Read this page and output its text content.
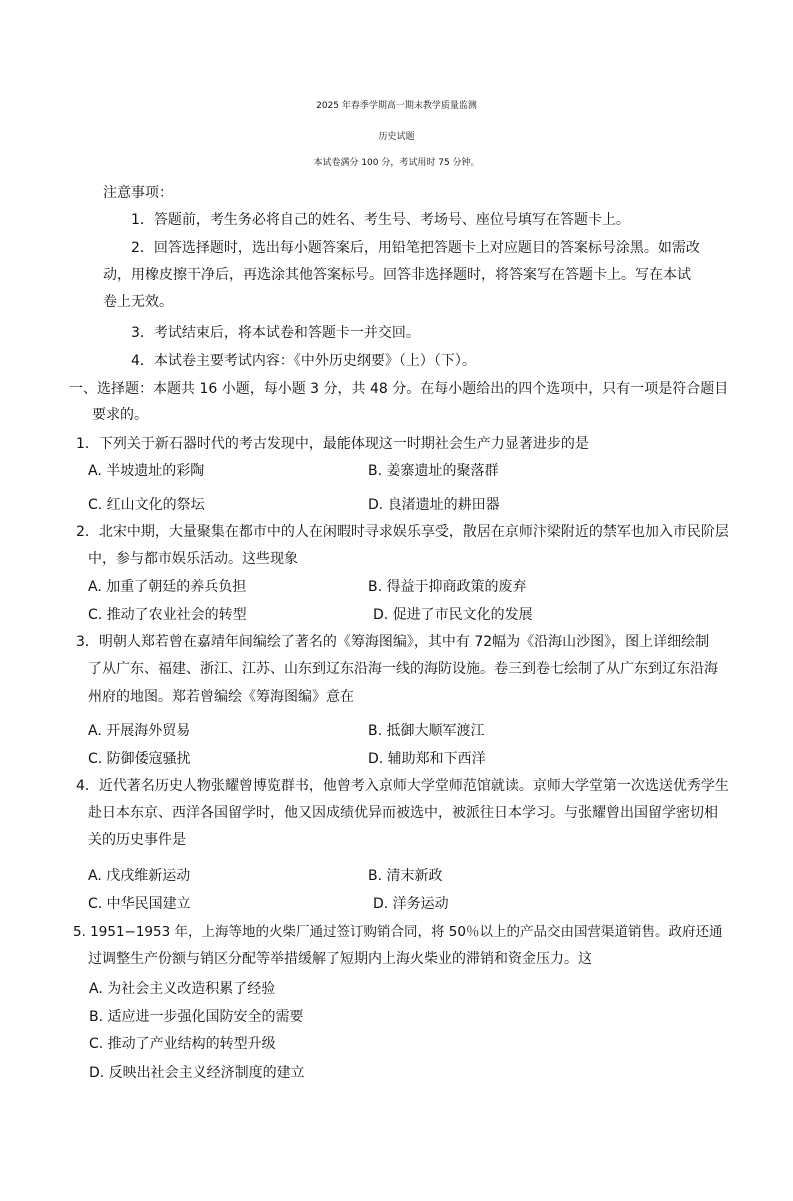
2025 年春季学期高一期末教学质量监测
历史试题
本试卷满分 100 分，考试用时 75 分钟。
注意事项：
1．答题前，考生务必将自己的姓名、考生号、考场号、座位号填写在答题卡上。
2．回答选择题时，选出每小题答案后，用铅笔把答题卡上对应题目的答案标号涂黑。如需改
动，用橡皮擦干净后，再选涂其他答案标号。回答非选择题时，将答案写在答题卡上。写在本试
卷上无效。
3．考试结束后，将本试卷和答题卡一并交回。
4．本试卷主要考试内容：《中外历史纲要》（上）（下）。
一、选择题：本题共 16 小题，每小题 3 分，共 48 分。在每小题给出的四个选项中，只有一项是符合题目
要求的。
1．下列关于新石器时代的考古发现中，最能体现这一时期社会生产力显著进步的是
A. 半坡遗址的彩陶	B. 姜寨遗址的聚落群
C. 红山文化的祭坛	D. 良渚遗址的耕田器
2．北宋中期，大量聚集在都市中的人在闲暇时寻求娱乐享受，散居在京师汴梁附近的禁军也加入市民阶层
中，参与都市娱乐活动。这些现象
A. 加重了朝廷的养兵负担	B. 得益于抑商政策的废弃
C. 推动了农业社会的转型	D. 促进了市民文化的发展
3．明朝人郑若曾在嘉靖年间编绘了著名的《筹海图编》，其中有 72幅为《沿海山沙图》，图上详细绘制
了从广东、福建、浙江、江苏、山东到辽东沿海一线的海防设施。卷三到卷七绘制了从广东到辽东沿海
州府的地图。郑若曾编绘《筹海图编》意在
A. 开展海外贸易	B. 抵御大顺军渡江
C. 防御倭寇骚扰	D. 辅助郑和下西洋
4．近代著名历史人物张耀曾博览群书，他曾考入京师大学堂师范馆就读。京师大学堂第一次选送优秀学生
赴日本东京、西洋各国留学时，他又因成绩优异而被选中，被派往日本学习。与张耀曾出国留学密切相
关的历史事件是
A. 戊戌维新运动	B. 清末新政
C. 中华民国建立	D. 洋务运动
5. 1951−1953 年，上海等地的火柴厂通过签订购销合同，将 50％以上的产品交由国营渠道销售。政府还通
过调整生产份额与销区分配等举措缓解了短期内上海火柴业的滞销和资金压力。这
A. 为社会主义改造积累了经验
B. 适应进一步强化国防安全的需要
C. 推动了产业结构的转型升级
D. 反映出社会主义经济制度的建立
